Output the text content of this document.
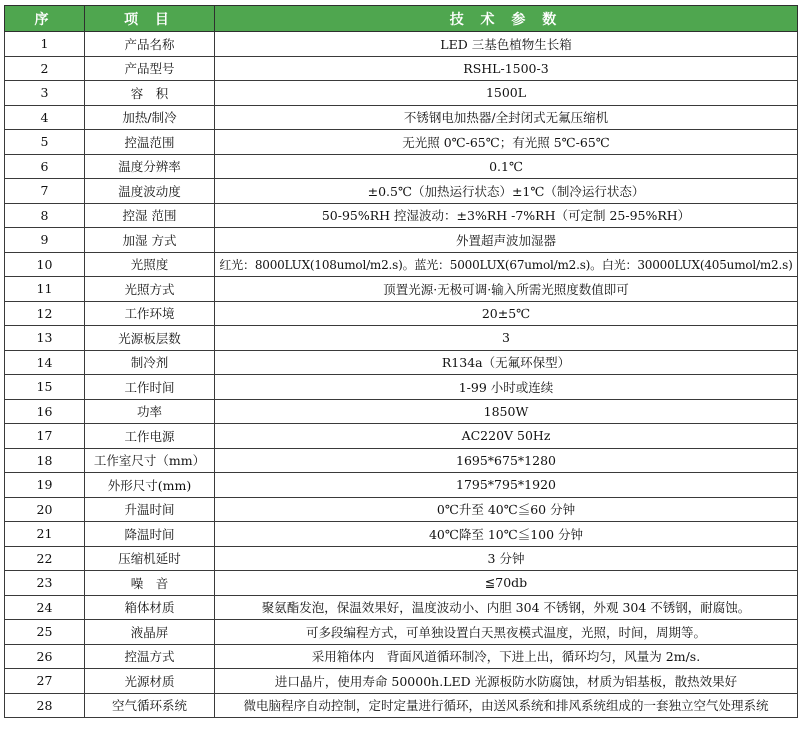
序	项 目	技 术 参 数
1	产品名称	LED 三基色植物生长箱
2	产品型号	RSHL-1500-3
3	容　积	1500L
4	加热/制冷	不锈钢电加热器/全封闭式无氟压缩机
5	控温范围	无光照 0℃-65℃；有光照 5℃-65℃
6	温度分辨率	0.1℃
7	温度波动度	±0.5℃（加热运行状态）±1℃（制冷运行状态）
8	控湿 范围	50-95%RH 控湿波动：±3%RH -7%RH（可定制 25-95%RH）
9	加湿 方式	外置超声波加湿器
10	光照度	红光：8000LUX(108umol/m2.s)。蓝光：5000LUX(67umol/m2.s)。白光：30000LUX(405umol/m2.s)
11	光照方式	顶置光源·无极可调·输入所需光照度数值即可
12	工作环境	20±5℃
13	光源板层数	3
14	制冷剂	R134a（无氟环保型）
15	工作时间	1-99 小时或连续
16	功率	1850W
17	工作电源	AC220V 50Hz
18	工作室尺寸（mm）	1695*675*1280
19	外形尺寸(mm)	1795*795*1920
20	升温时间	0℃升至 40℃≦60 分钟
21	降温时间	40℃降至 10℃≦100 分钟
22	压缩机延时	3 分钟
23	噪　音	≦70db
24	箱体材质	聚氨酯发泡，保温效果好，温度波动小、内胆 304 不锈钢，外观 304 不锈钢，耐腐蚀。
25	液晶屏	可多段编程方式，可单独设置白天黑夜模式温度，光照，时间，周期等。
26	控温方式	采用箱体内　背面风道循环制冷，下进上出，循环均匀，风量为 2m/s.
27	光源材质	进口晶片，使用寿命 50000h.LED 光源板防水防腐蚀，材质为铝基板，散热效果好
28	空气循环系统	微电脑程序自动控制，定时定量进行循环，由送风系统和排风系统组成的一套独立空气处理系统
